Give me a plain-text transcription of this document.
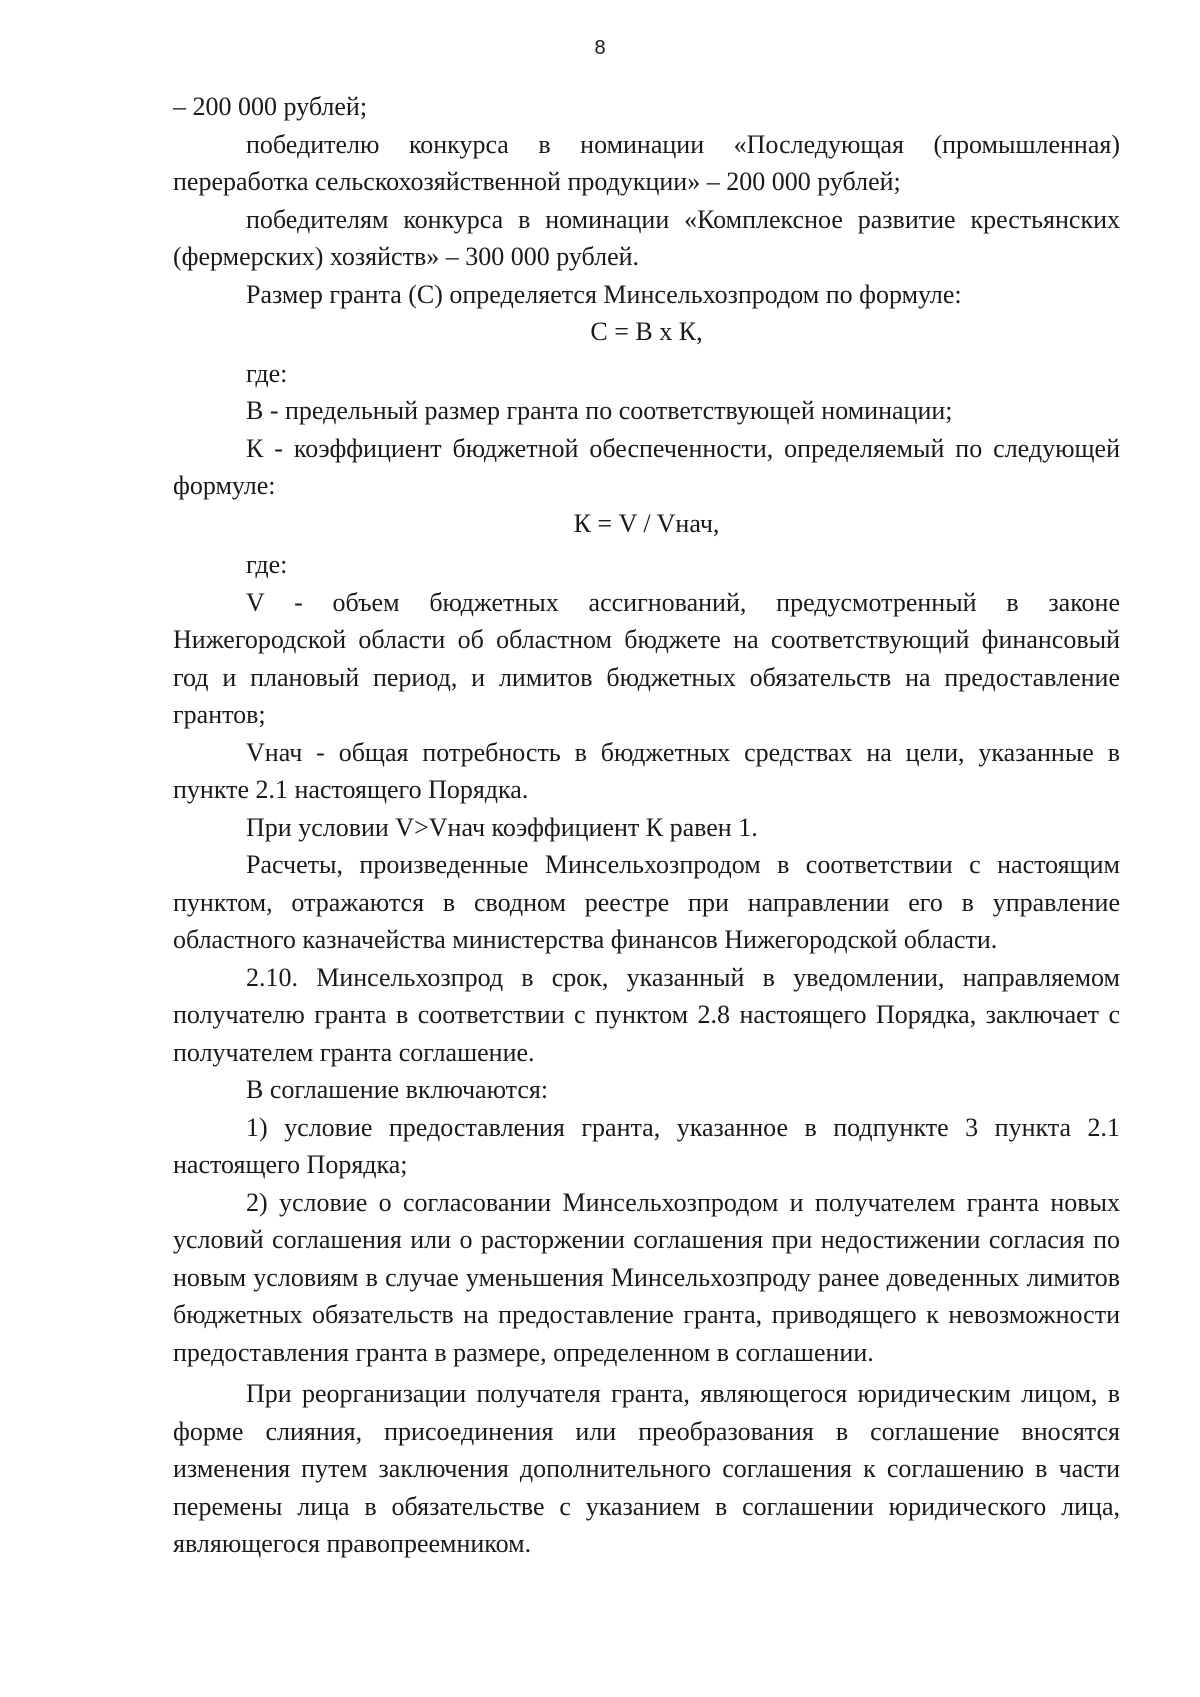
8

– 200 000 рублей;

победителю конкурса в номинации «Последующая (промышленная) переработка сельскохозяйственной продукции» – 200 000 рублей;

победителям конкурса в номинации «Комплексное развитие крестьянских (фермерских) хозяйств» – 300 000 рублей.

Размер гранта (С) определяется Минсельхозпродом по формуле:

С = В х К,

где:

В - предельный размер гранта по соответствующей номинации;

К - коэффициент бюджетной обеспеченности, определяемый по следующей формуле:

К = V / Vнач,

где:

V - объем бюджетных ассигнований, предусмотренный в законе Нижегородской области об областном бюджете на соответствующий финансовый год и плановый период, и лимитов бюджетных обязательств на предоставление грантов;

Vнач - общая потребность в бюджетных средствах на цели, указанные в пункте 2.1 настоящего Порядка.

При условии V>Vнач коэффициент К равен 1.

Расчеты, произведенные Минсельхозпродом в соответствии с настоящим пунктом, отражаются в сводном реестре при направлении его в управление областного казначейства министерства финансов Нижегородской области.

2.10. Минсельхозпрод в срок, указанный в уведомлении, направляемом получателю гранта в соответствии с пунктом 2.8 настоящего Порядка, заключает с получателем гранта соглашение.

В соглашение включаются:

1) условие предоставления гранта, указанное в подпункте 3 пункта 2.1 настоящего Порядка;

2) условие о согласовании Минсельхозпродом и получателем гранта новых условий соглашения или о расторжении соглашения при недостижении согласия по новым условиям в случае уменьшения Минсельхозпроду ранее доведенных лимитов бюджетных обязательств на предоставление гранта, приводящего к невозможности предоставления гранта в размере, определенном в соглашении.

При реорганизации получателя гранта, являющегося юридическим лицом, в форме слияния, присоединения или преобразования в соглашение вносятся изменения путем заключения дополнительного соглашения к соглашению в части перемены лица в обязательстве с указанием в соглашении юридического лица, являющегося правопреемником.
